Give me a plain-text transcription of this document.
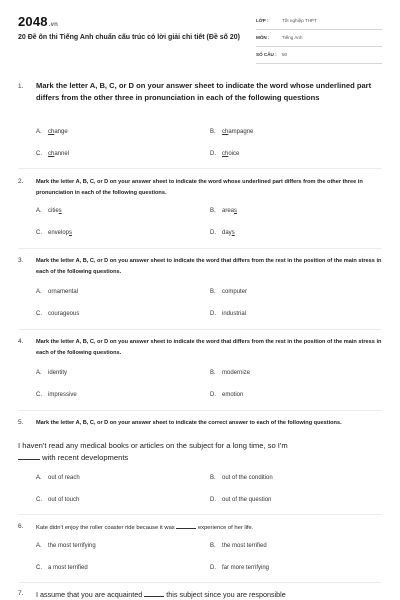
2048.vn
20 Đề ôn thi Tiếng Anh chuẩn cấu trúc có lời giải chi tiết (Đề số 20)
LỚP :	Tốt nghiệp THPT
MÔN :	Tiếng Anh
SỐ CÂU : 50
1. Mark the letter A, B, C, or D on your answer sheet to indicate the word whose underlined part differs from the other three in pronunciation in each of the following questions
A. change	B. champagne
C. channel	D. choice
2. Mark the letter A, B, C, or D on your answer sheet to indicate the word whose underlined part differs from the other three in pronunciation in each of the following questions.
A. cities	B. areas
C. envelops	D. days
3. Mark the letter A, B, C, or D on you answer sheet to indicate the word that differs from the rest in the position of the main stress in each of the following questions.
A. ornamental	B. computer
C. courageous	D. industrial
4. Mark the letter A, B, C, or D on you answer sheet to indicate the word that differs from the rest in the position of the main stress in each of the following questions.
A. identity	B. modernize
C. impressive	D. emotion
5. Mark the letter A, B, C, or D on your answer sheet to indicate the correct answer to each of the following questions.
I haven't read any medical books or articles on the subject for a long time, so I'm
with recent developments
A. out of reach	B. out of the condition
C. out of touch	D. out of the question
6. Kate didn't enjoy the roller coaster ride because it was	experience of her life.
A. the most terrifying	B. the most terrified
C. a most terrified	D. far more terrifying
7. I assume that you are acquainted	this subject since you are responsible
